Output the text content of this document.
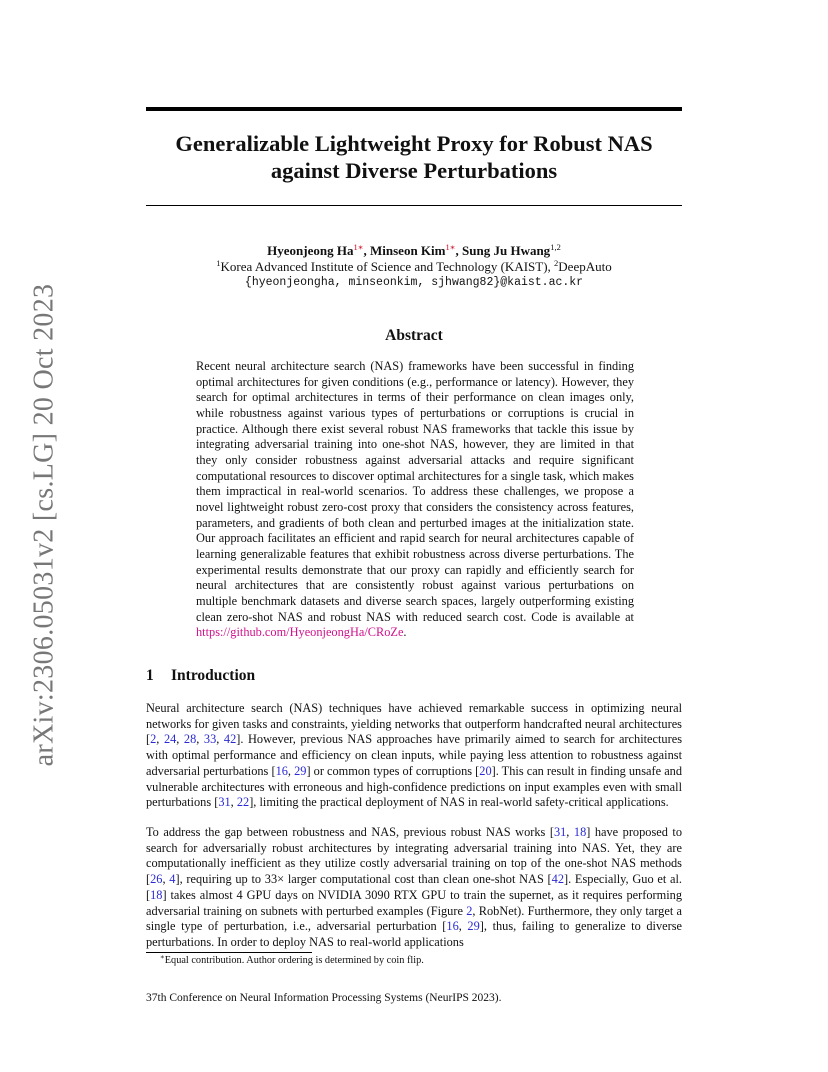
arXiv:2306.05031v2 [cs.LG] 20 Oct 2023
Generalizable Lightweight Proxy for Robust NAS
against Diverse Perturbations
Hyeonjeong $Ha^{1∗}$, Minseon Kim$^{1∗}$, Sung Ju Hwang$^{1,2}$
$^1$Korea Advanced Institute of Science and Technology (KAIST), $^2$DeepAuto
{hyeonjeongha, minseonkim, sjhwang82}@kaist.ac.kr
Abstract

Recent neural architecture search (NAS) frameworks have been successful in finding optimal architectures for given conditions (e.g., performance or latency). However, they search for optimal architectures in terms of their performance on clean images only, while robustness against various types of perturbations or corruptions is crucial in practice. Although there exist several robust NAS frameworks that tackle this issue by integrating adversarial training into one-shot NAS, however, they are limited in that they only consider robustness against adversarial attacks and require significant computational resources to discover optimal architectures for a single task, which makes them impractical in real-world scenarios. To address these challenges, we propose a novel lightweight robust zero-cost proxy that considers the consistency across features, parameters, and gradients of both clean and perturbed images at the initialization state. Our approach facilitates an efficient and rapid search for neural architectures capable of learning generalizable features that exhibit robustness across diverse perturbations. The experimental results demonstrate that our proxy can rapidly and efficiently search for neural architectures that are consistently robust against various perturbations on multiple benchmark datasets and diverse search spaces, largely outperforming existing clean zero-shot NAS and robust NAS with reduced search cost. Code is available at https://github.com/HyeonjeongHa/CRoZe.

1 Introduction

Neural architecture search (NAS) techniques have achieved remarkable success in optimizing neural networks for given tasks and constraints, yielding networks that outperform handcrafted neural architectures [2, 24, 28, 33, 42]. However, previous NAS approaches have primarily aimed to search for architectures with optimal performance and efficiency on clean inputs, while paying less attention to robustness against adversarial perturbations [16, 29] or common types of corruptions [20]. This can result in finding unsafe and vulnerable architectures with erroneous and high-confidence predictions on input examples even with small perturbations [31, 22], limiting the practical deployment of NAS in real-world safety-critical applications.

To address the gap between robustness and NAS, previous robust NAS works [31, 18] have proposed to search for adversarially robust architectures by integrating adversarial training into NAS. Yet, they are computationally inefficient as they utilize costly adversarial training on top of the one-shot NAS methods [26, 4], requiring up to 33× larger computational cost than clean one-shot NAS [42]. Especially, Guo et al. [18] takes almost 4 GPU days on NVIDIA 3090 RTX GPU to train the supernet, as it requires performing adversarial training on subnets with perturbed examples (Figure 2, RobNet). Furthermore, they only target a single type of perturbation, i.e., adversarial perturbation [16, 29], thus, failing to generalize to diverse perturbations. In order to deploy NAS to real-world applications

∗Equal contribution. Author ordering is determined by coin flip.
37th Conference on Neural Information Processing Systems (NeurIPS 2023).
